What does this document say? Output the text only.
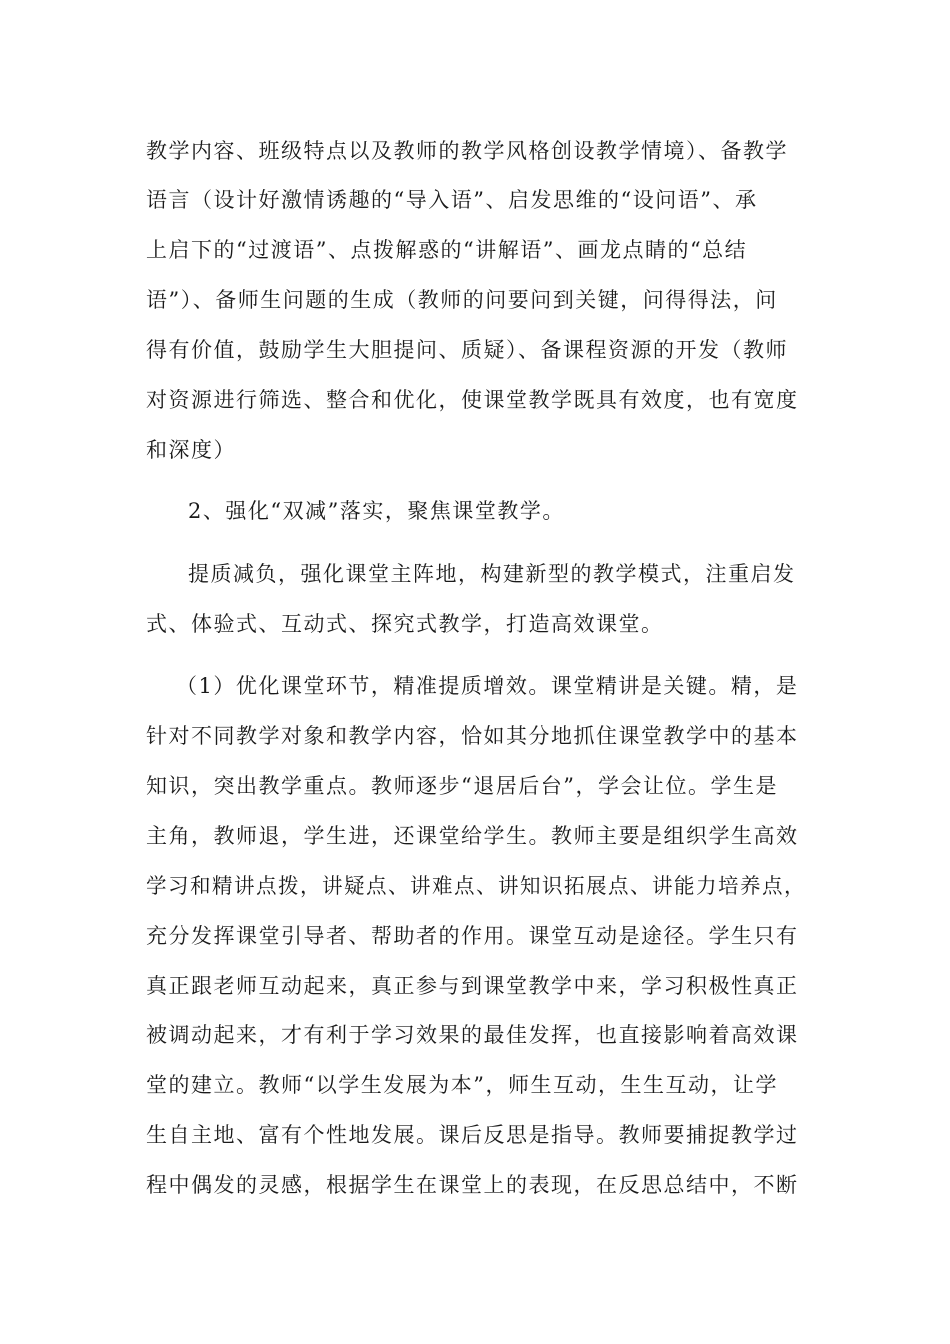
教学内容、班级特点以及教师的教学风格创设教学情境）、备教学
语言（设计好激情诱趣的“导入语”、启发思维的“设问语”、承
上启下的“过渡语”、点拨解惑的“讲解语”、画龙点睛的“总结
语”）、备师生问题的生成（教师的问要问到关键，问得得法，问
得有价值，鼓励学生大胆提问、质疑）、备课程资源的开发（教师
对资源进行筛选、整合和优化，使课堂教学既具有效度，也有宽度
和深度）
2、强化“双减”落实，聚焦课堂教学。
提质减负，强化课堂主阵地，构建新型的教学模式，注重启发
式、体验式、互动式、探究式教学，打造高效课堂。
（1）优化课堂环节，精准提质增效。课堂精讲是关键。精，是
针对不同教学对象和教学内容，恰如其分地抓住课堂教学中的基本
知识，突出教学重点。教师逐步“退居后台”，学会让位。学生是
主角，教师退，学生进，还课堂给学生。教师主要是组织学生高效
学习和精讲点拨，讲疑点、讲难点、讲知识拓展点、讲能力培养点，
充分发挥课堂引导者、帮助者的作用。课堂互动是途径。学生只有
真正跟老师互动起来，真正参与到课堂教学中来，学习积极性真正
被调动起来，才有利于学习效果的最佳发挥，也直接影响着高效课
堂的建立。教师“以学生发展为本”，师生互动，生生互动，让学
生自主地、富有个性地发展。课后反思是指导。教师要捕捉教学过
程中偶发的灵感，根据学生在课堂上的表现，在反思总结中，不断
